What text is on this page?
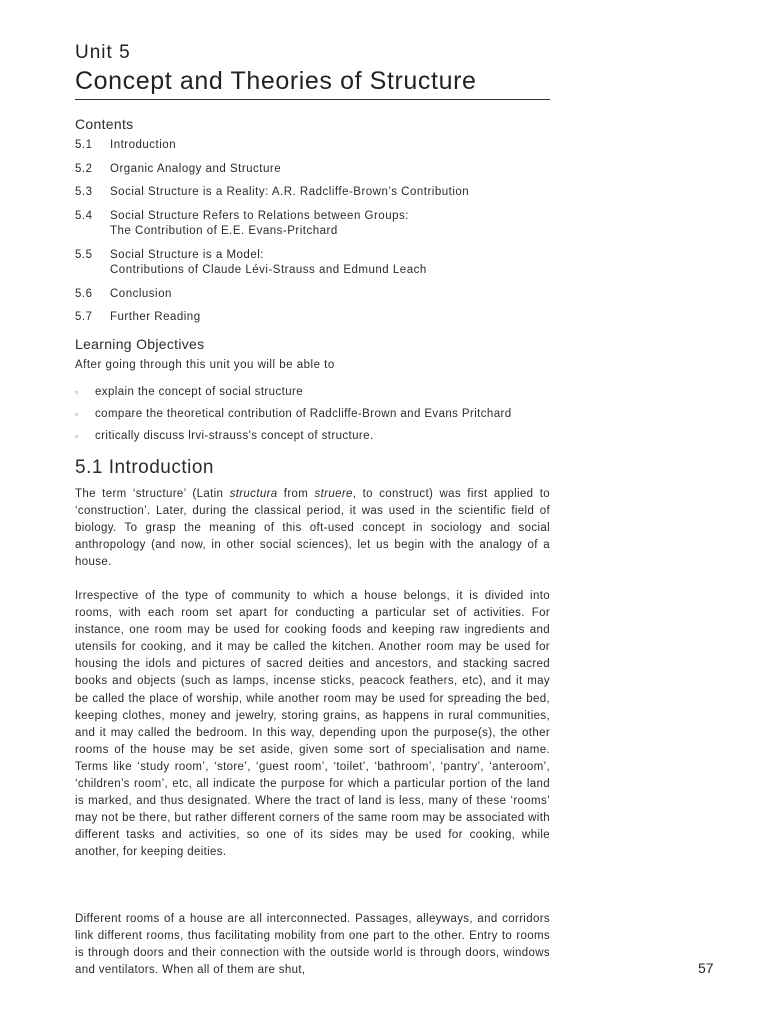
Unit 5
Concept and Theories of Structure
Contents
5.1	Introduction
5.2	Organic Analogy and Structure
5.3	Social Structure is a Reality: A.R. Radcliffe-Brown’s Contribution
5.4	Social Structure Refers to Relations between Groups:
The Contribution of E.E. Evans-Pritchard
5.5	Social Structure is a Model:
Contributions of Claude Lévi-Strauss and Edmund Leach
5.6	Conclusion
5.7	Further Reading
Learning Objectives
After going through this unit you will be able to
▫	explain the concept of social structure
▫	compare the theoretical contribution of Radcliffe-Brown and Evans Pritchard
▫	critically discuss lrvi-strauss's concept of structure.
5.1 Introduction

The term ‘structure’ (Latin structura from struere, to construct) was first applied to ‘construction’. Later, during the classical period, it was used in the scientific field of biology. To grasp the meaning of this oft-used concept in sociology and social anthropology (and now, in other social sciences), let us begin with the analogy of a house.

Irrespective of the type of community to which a house belongs, it is divided into rooms, with each room set apart for conducting a particular set of activities. For instance, one room may be used for cooking foods and keeping raw ingredients and utensils for cooking, and it may be called the kitchen. Another room may be used for housing the idols and pictures of sacred deities and ancestors, and stacking sacred books and objects (such as lamps, incense sticks, peacock feathers, etc), and it may be called the place of worship, while another room may be used for spreading the bed, keeping clothes, money and jewelry, storing grains, as happens in rural communities, and it may called the bedroom. In this way, depending upon the purpose(s), the other rooms of the house may be set aside, given some sort of specialisation and name. Terms like ‘study room’, ‘store’, ‘guest room’, ‘toilet’, ‘bathroom’, ‘pantry’, ‘anteroom’, ‘children’s room’, etc, all indicate the purpose for which a particular portion of the land is marked, and thus designated. Where the tract of land is less, many of these ‘rooms’ may not be there, but rather different corners of the same room may be associated with different tasks and activities, so one of its sides may be used for cooking, while another, for keeping deities.

Different rooms of a house are all interconnected. Passages, alleyways, and corridors link different rooms, thus facilitating mobility from one part to the other. Entry to rooms is through doors and their connection with the outside world is through doors, windows and ventilators. When all of them are shut,	57
